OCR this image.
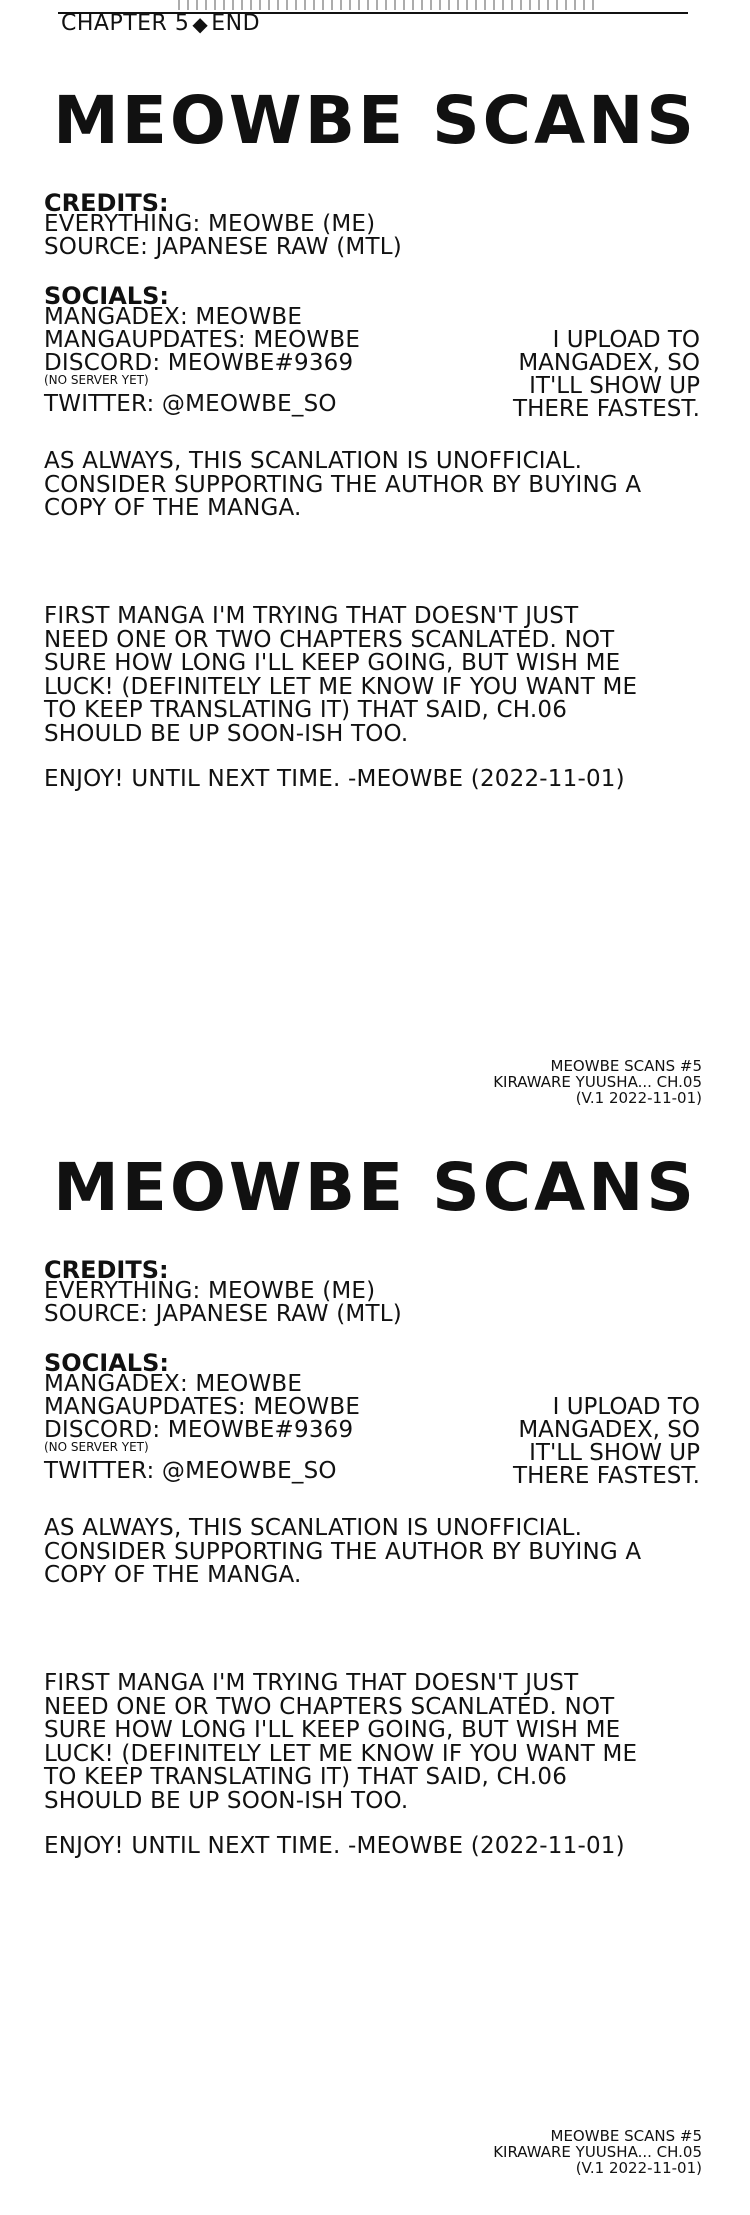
CHAPTER 5 ◆ END
MEOWBE SCANS
CREDITS:
EVERYTHING: MEOWBE (ME)
SOURCE: JAPANESE RAW (MTL)
SOCIALS:
MANGADEX: MEOWBE
MANGAUPDATES: MEOWBE
DISCORD: MEOWBE#9369
(NO SERVER YET)
TWITTER: @MEOWBE_SO
I UPLOAD TO
MANGADEX, SO
IT'LL SHOW UP
THERE FASTEST.
AS ALWAYS, THIS SCANLATION IS UNOFFICIAL.
CONSIDER SUPPORTING THE AUTHOR BY BUYING A
COPY OF THE MANGA.
FIRST MANGA I'M TRYING THAT DOESN'T JUST
NEED ONE OR TWO CHAPTERS SCANLATED. NOT
SURE HOW LONG I'LL KEEP GOING, BUT WISH ME
LUCK! (DEFINITELY LET ME KNOW IF YOU WANT ME
TO KEEP TRANSLATING IT) THAT SAID, CH.06
SHOULD BE UP SOON-ISH TOO.
ENJOY! UNTIL NEXT TIME. -MEOWBE (2022-11-01)
MEOWBE SCANS #5
KIRAWARE YUUSHA... CH.05
(V.1 2022-11-01)
MEOWBE SCANS
CREDITS:
EVERYTHING: MEOWBE (ME)
SOURCE: JAPANESE RAW (MTL)
SOCIALS:
MANGADEX: MEOWBE
MANGAUPDATES: MEOWBE
DISCORD: MEOWBE#9369
(NO SERVER YET)
TWITTER: @MEOWBE_SO
I UPLOAD TO
MANGADEX, SO
IT'LL SHOW UP
THERE FASTEST.
AS ALWAYS, THIS SCANLATION IS UNOFFICIAL.
CONSIDER SUPPORTING THE AUTHOR BY BUYING A
COPY OF THE MANGA.
FIRST MANGA I'M TRYING THAT DOESN'T JUST
NEED ONE OR TWO CHAPTERS SCANLATED. NOT
SURE HOW LONG I'LL KEEP GOING, BUT WISH ME
LUCK! (DEFINITELY LET ME KNOW IF YOU WANT ME
TO KEEP TRANSLATING IT) THAT SAID, CH.06
SHOULD BE UP SOON-ISH TOO.
ENJOY! UNTIL NEXT TIME. -MEOWBE (2022-11-01)
MEOWBE SCANS #5
KIRAWARE YUUSHA... CH.05
(V.1 2022-11-01)
